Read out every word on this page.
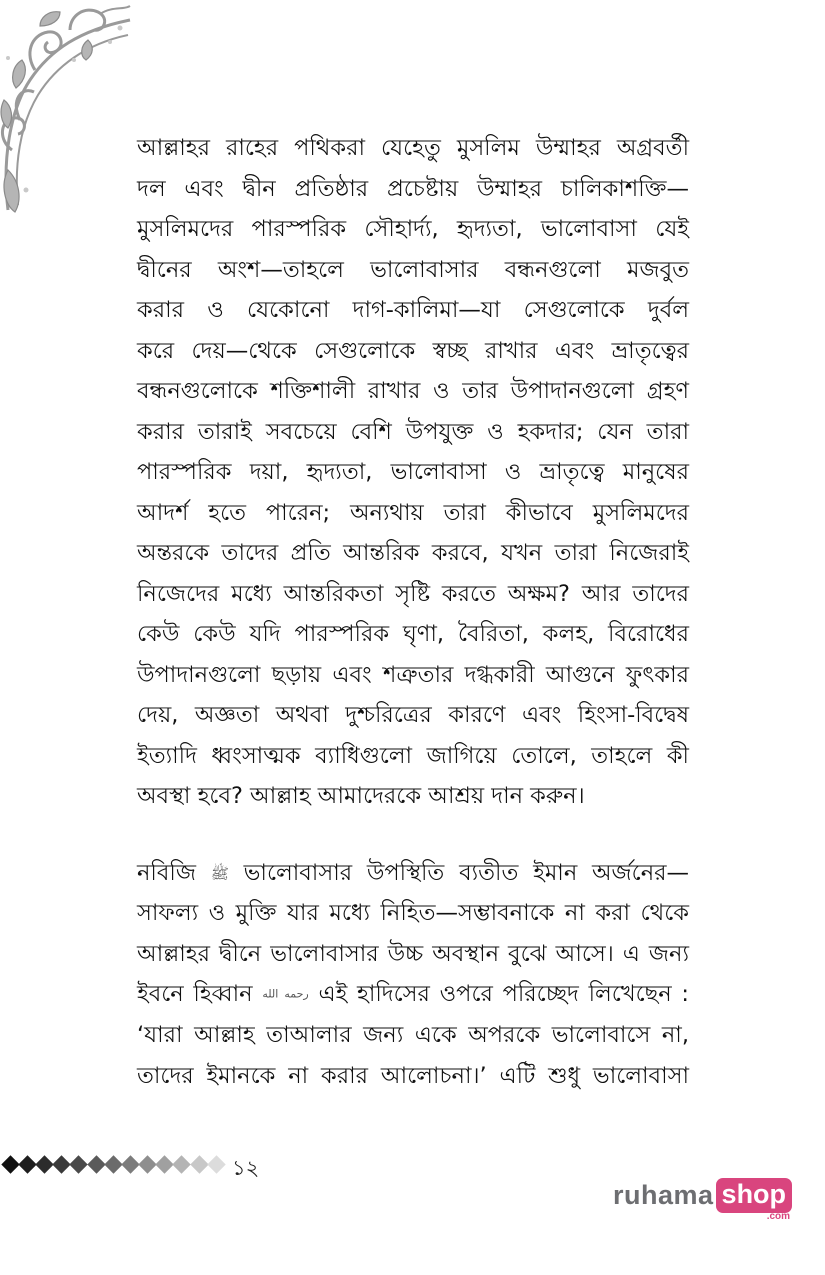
আল্লাহর রাহের পথিকরা যেহেতু মুসলিম উম্মাহর অগ্রবর্তী
দল এবং দ্বীন প্রতিষ্ঠার প্রচেষ্টায় উম্মাহর চালিকাশক্তি—
মুসলিমদের পারস্পরিক সৌহার্দ্য, হৃদ্যতা, ভালোবাসা যেই
দ্বীনের অংশ—তাহলে ভালোবাসার বন্ধনগুলো মজবুত
করার ও যেকোনো দাগ-কালিমা—যা সেগুলোকে দুর্বল
করে দেয়—থেকে সেগুলোকে স্বচ্ছ রাখার এবং ভ্রাতৃত্বের
বন্ধনগুলোকে শক্তিশালী রাখার ও তার উপাদানগুলো গ্রহণ
করার তারাই সবচেয়ে বেশি উপযুক্ত ও হকদার; যেন তারা
পারস্পরিক দয়া, হৃদ্যতা, ভালোবাসা ও ভ্রাতৃত্বে মানুষের
আদর্শ হতে পারেন; অন্যথায় তারা কীভাবে মুসলিমদের
অন্তরকে তাদের প্রতি আন্তরিক করবে, যখন তারা নিজেরাই
নিজেদের মধ্যে আন্তরিকতা সৃষ্টি করতে অক্ষম? আর তাদের
কেউ কেউ যদি পারস্পরিক ঘৃণা, বৈরিতা, কলহ, বিরোধের
উপাদানগুলো ছড়ায় এবং শত্রুতার দগ্ধকারী আগুনে ফুৎকার
দেয়, অজ্ঞতা অথবা দুশ্চরিত্রের কারণে এবং হিংসা-বিদ্বেষ
ইত্যাদি ধ্বংসাত্মক ব্যাধিগুলো জাগিয়ে তোলে, তাহলে কী
অবস্থা হবে? আল্লাহ আমাদেরকে আশ্রয় দান করুন।

নবিজি ﷺ ভালোবাসার উপস্থিতি ব্যতীত ইমান অর্জনের—
সাফল্য ও মুক্তি যার মধ্যে নিহিত—সম্ভাবনাকে না করা থেকে
আল্লাহর দ্বীনে ভালোবাসার উচ্চ অবস্থান বুঝে আসে। এ জন্য
ইবনে হিব্বান رحمه الله এই হাদিসের ওপরে পরিচ্ছেদ লিখেছেন :
‘যারা আল্লাহ তাআলার জন্য একে অপরকে ভালোবাসে না,
তাদের ইমানকে না করার আলোচনা।’ এটি শুধু ভালোবাসা

১২
ruhama shop
.com
